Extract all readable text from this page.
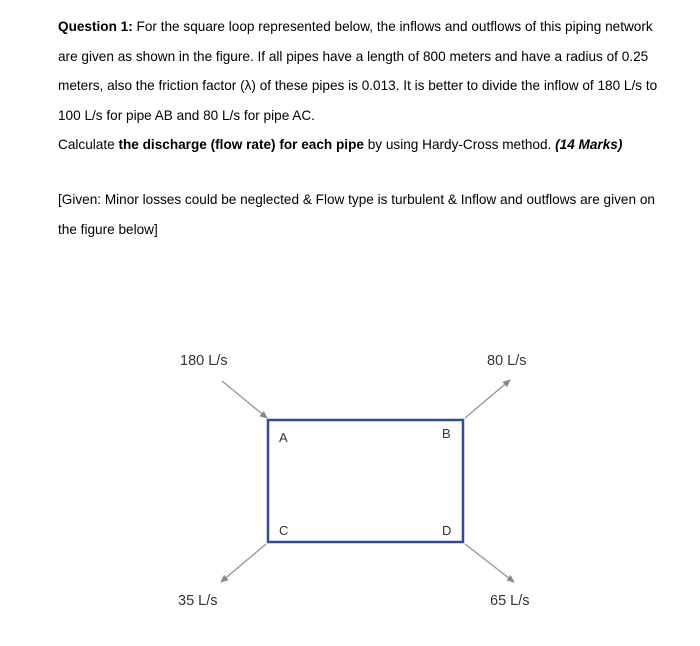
Question 1: For the square loop represented below, the inflows and outflows of this piping network are given as shown in the figure. If all pipes have a length of 800 meters and have a radius of 0.25 meters, also the friction factor (λ) of these pipes is 0.013. It is better to divide the inflow of 180 L/s to 100 L/s for pipe AB and 80 L/s for pipe AC.

Calculate the discharge (flow rate) for each pipe by using Hardy-Cross method. (14 Marks)

[Given: Minor losses could be neglected & Flow type is turbulent & Inflow and outflows are given on the figure below]

A	B
C	D
180 L/s	80 L/s
35 L/s	65 L/s
